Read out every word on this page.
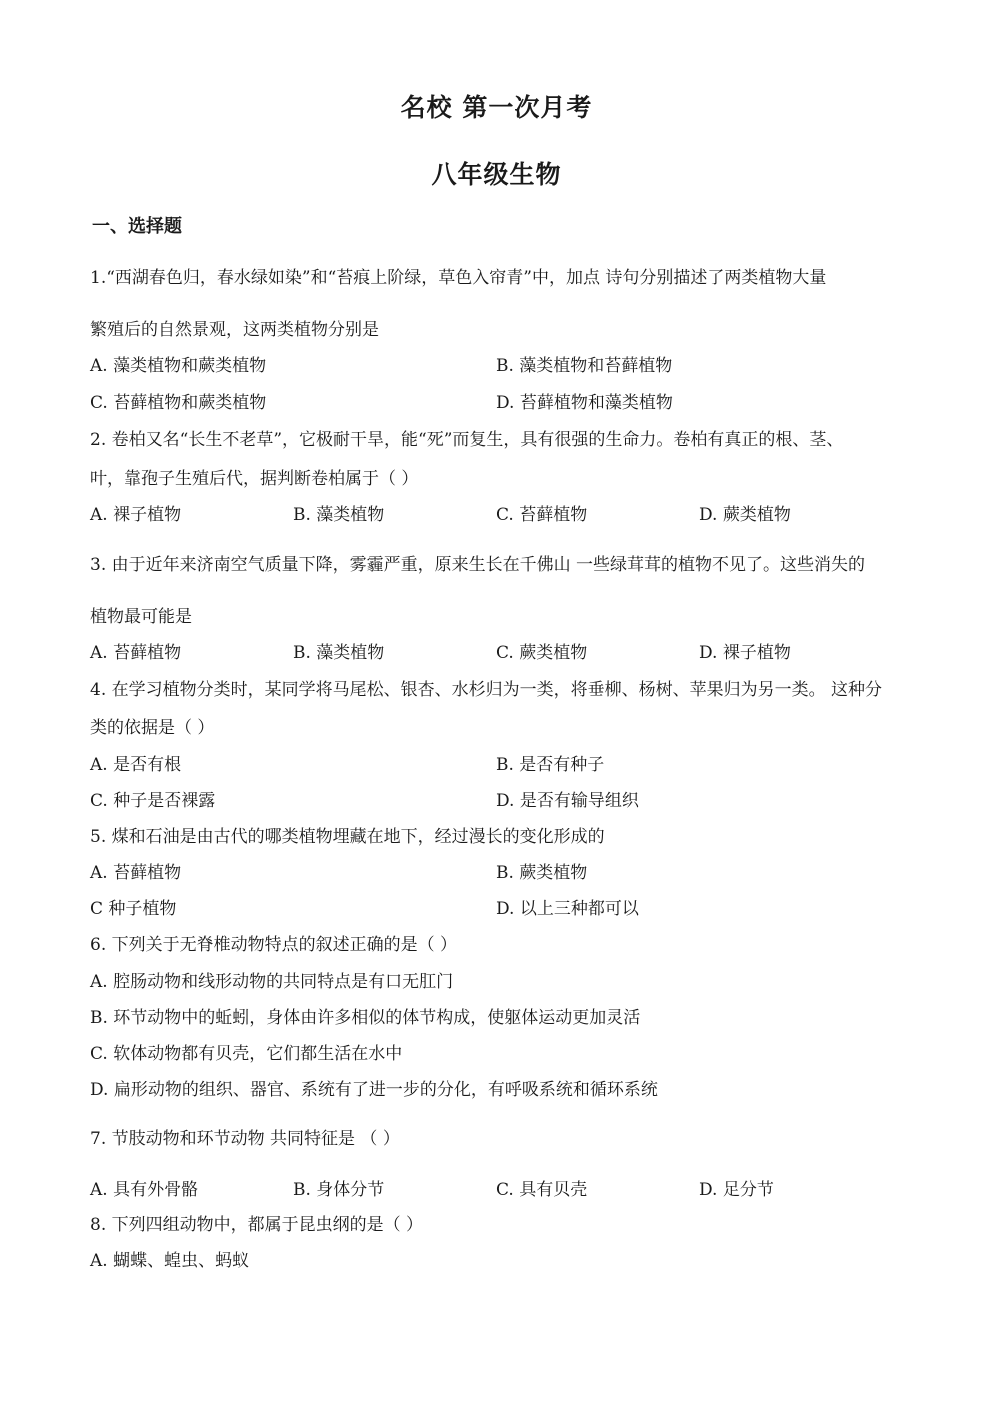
名校 第一次月考
八年级生物
一、选择题
1.“西湖春色归，春水绿如染”和“苔痕上阶绿，草色入帘青”中，加点 诗句分别描述了两类植物大量
繁殖后的自然景观，这两类植物分别是
A. 藻类植物和蕨类植物	B. 藻类植物和苔藓植物
C. 苔藓植物和蕨类植物	D. 苔藓植物和藻类植物
2. 卷柏又名“长生不老草”，它极耐干旱，能“死”而复生，具有很强的生命力。卷柏有真正的根、茎、
叶，靠孢子生殖后代，据判断卷柏属于（ ）
A. 裸子植物	B. 藻类植物	C. 苔藓植物	D. 蕨类植物
3. 由于近年来济南空气质量下降，雾霾严重，原来生长在千佛山 一些绿茸茸的植物不见了。这些消失的
植物最可能是
A. 苔藓植物	B. 藻类植物	C. 蕨类植物	D. 裸子植物
4. 在学习植物分类时，某同学将马尾松、银杏、水杉归为一类，将垂柳、杨树、苹果归为另一类。 这种分
类的依据是（ ）
A. 是否有根	B. 是否有种子
C. 种子是否裸露	D. 是否有输导组织
5. 煤和石油是由古代的哪类植物埋藏在地下，经过漫长的变化形成的
A. 苔藓植物	B. 蕨类植物
C 种子植物	D. 以上三种都可以
6. 下列关于无脊椎动物特点的叙述正确的是（ ）
A. 腔肠动物和线形动物的共同特点是有口无肛门
B. 环节动物中的蚯蚓，身体由许多相似的体节构成，使躯体运动更加灵活
C. 软体动物都有贝壳，它们都生活在水中
D. 扁形动物的组织、器官、系统有了进一步的分化，有呼吸系统和循环系统
7. 节肢动物和环节动物 共同特征是 （ ）
A. 具有外骨骼	B. 身体分节	C. 具有贝壳	D. 足分节
8. 下列四组动物中，都属于昆虫纲的是（ ）
A. 蝴蝶、蝗虫、蚂蚁
